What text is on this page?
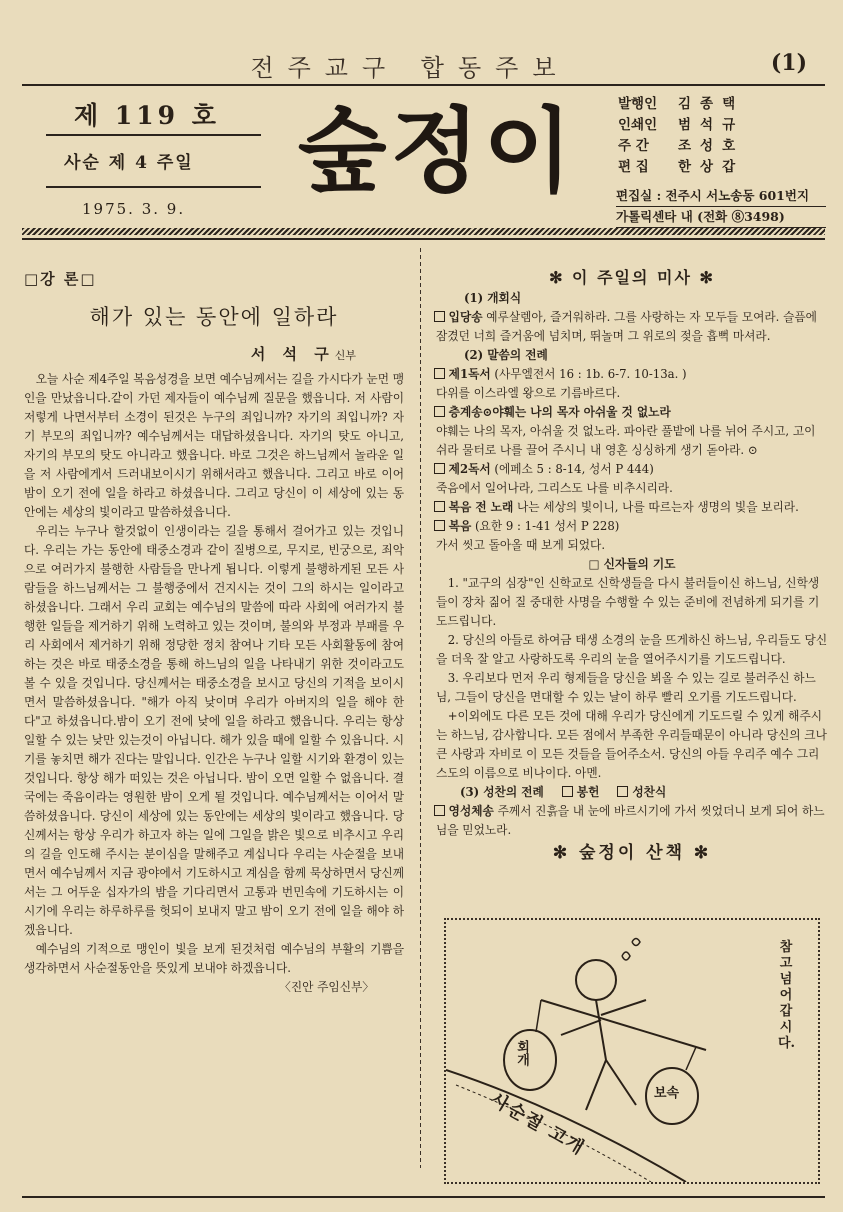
전주교구 합동주보	(1)
제 119 호
사순 제 4 주일
1975. 3. 9.
숲정이	발행인	김종택
인쇄인	범석규
주 간	조성호
편 집	한상갑
편집실 : 전주시 서노송동 601번지
가톨릭센타 내 (전화 ⑧3498)
□강 론□
해가 있는 동안에 일하라
서 석 구신부

오늘 사순 제4주일 복음성경을 보면 예수님께서는 길을 가시다가 눈먼 맹인을 만났읍니다.같이 가던 제자들이 예수님께 질문을 했읍니다. 저 사람이 저렇게 나면서부터 소경이 된것은 누구의 죄입니까? 자기의 죄입니까? 자기 부모의 죄입니까? 예수님께서는 대답하셨읍니다. 자기의 탓도 아니고, 자기의 부모의 탓도 아니라고 했읍니다. 바로 그것은 하느님께서 놀라운 일을 저 사람에게서 드러내보이시기 위해서라고 했읍니다. 그리고 바로 이어 밤이 오기 전에 일을 하라고 하셨읍니다. 그리고 당신이 이 세상에 있는 동안에는 세상의 빛이라고 말씀하셨읍니다.

우리는 누구나 할것없이 인생이라는 길을 통해서 걸어가고 있는 것입니다. 우리는 가는 동안에 태중소경과 같이 질병으로, 무지로, 빈궁으로, 죄악으로 여러가지 불행한 사람들을 만나게 됩니다. 이렇게 불행하게된 모든 사람들을 하느님께서는 그 불행중에서 건지시는 것이 그의 하시는 일이라고 하셨읍니다. 그래서 우리 교회는 예수님의 말씀에 따라 사회에 여러가지 불행한 일들을 제거하기 위해 노력하고 있는 것이며, 불의와 부정과 부패를 우리 사회에서 제거하기 위해 정당한 정치 참여나 기타 모든 사회활동에 참여하는 것은 바로 태중소경을 통해 하느님의 일을 나타내기 위한 것이라고도 볼 수 있을 것입니다. 당신께서는 태중소경을 보시고 당신의 기적을 보이시면서 말씀하셨읍니다. "해가 아직 낮이며 우리가 아버지의 일을 해야 한다"고 하셨읍니다.밤이 오기 전에 낮에 일을 하라고 했읍니다. 우리는 항상 일할 수 있는 낮만 있는것이 아닙니다. 해가 있을 때에 일할 수 있읍니다. 시기를 놓치면 해가 진다는 말입니다. 인간은 누구나 일할 시기와 환경이 있는 것입니다. 항상 해가 떠있는 것은 아닙니다. 밤이 오면 일할 수 없읍니다. 결국에는 죽음이라는 영원한 밤이 오게 될 것입니다. 예수님께서는 이어서 말씀하셨읍니다. 당신이 세상에 있는 동안에는 세상의 빛이라고 했읍니다. 당신께서는 항상 우리가 하고자 하는 일에 그일을 밝은 빛으로 비추시고 우리의 길을 인도해 주시는 분이심을 말해주고 계십니다 우리는 사순절을 보내면서 예수님께서 지금 광야에서 기도하시고 계심을 함께 묵상하면서 당신께서는 그 어두운 십자가의 밤을 기다리면서 고통과 번민속에 기도하시는 이 시기에 우리는 하루하루를 헛되이 보내지 말고 밤이 오기 전에 일을 해야 하겠읍니다.

예수님의 기적으로 맹인이 빛을 보게 된것처럼 예수님의 부활의 기쁨을 생각하면서 사순절동안을 뜻있게 보내야 하겠읍니다.

〈진안 주임신부〉
✻ 이 주일의 미사 ✻
(1) 개회식
입당송 예루살렘아, 즐거워하라. 그를 사랑하는 자 모두들 모여라. 슬픔에 잠겼던 너희 즐거움에 넘치며, 뛰놀며 그 위로의 젖을 흡뻑 마셔라.
(2) 말씀의 전례
제1독서 (사무엘전서 16 : 1b. 6-7. 10-13a. )
다위를 이스라엘 왕으로 기름바르다.
층계송⊙야훼는 나의 목자 아쉬울 것 없노라
야훼는 나의 목자, 아쉬울 것 없노라. 파아란 풀밭에 나를 뉘어 주시고, 고이 쉬라 물터로 나를 끌어 주시니 내 영혼 싱싱하게 생기 돋아라. ⊙
제2독서 (에페소 5 : 8-14, 성서 P 444)
죽음에서 일어나라, 그리스도 나를 비추시리라.
복음 전 노래 나는 세상의 빛이니, 나를 따르는자 생명의 빛을 보리라.
복음 (요한 9 : 1-41 성서 P 228)
가서 씻고 돌아올 때 보게 되었다.
□ 신자들의 기도

1. "교구의 심장"인 신학교로 신학생들을 다시 불러들이신 하느님, 신학생들이 장차 짊어 질 중대한 사명을 수행할 수 있는 준비에 전념하게 되기를 기도드립니다.

2. 당신의 아들로 하여금 태생 소경의 눈을 뜨게하신 하느님, 우리들도 당신을 더욱 잘 알고 사랑하도록 우리의 눈을 열어주시기를 기도드립니다.

3. 우리보다 먼저 우리 형제들을 당신을 뵈올 수 있는 길로 불러주신 하느님, 그들이 당신을 면대할 수 있는 날이 하루 빨리 오기를 기도드립니다.

+이외에도 다른 모든 것에 대해 우리가 당신에게 기도드릴 수 있게 해주시는 하느님, 감사합니다. 모든 점에서 부족한 우리들때문이 아니라 당신의 크나큰 사랑과 자비로 이 모든 것들을 들어주소서. 당신의 아들 우리주 예수 그리스도의 이름으로 비나이다. 아멘.

(3) 성찬의 전례	봉헌	성찬식
영성체송 주께서 진흙을 내 눈에 바르시기에 가서 씻었더니 보게 되어 하느님을 믿었노라.
✻ 숲정이 산책 ✻
참고 넘어갑시다.
회개
보속
사순절 고개
